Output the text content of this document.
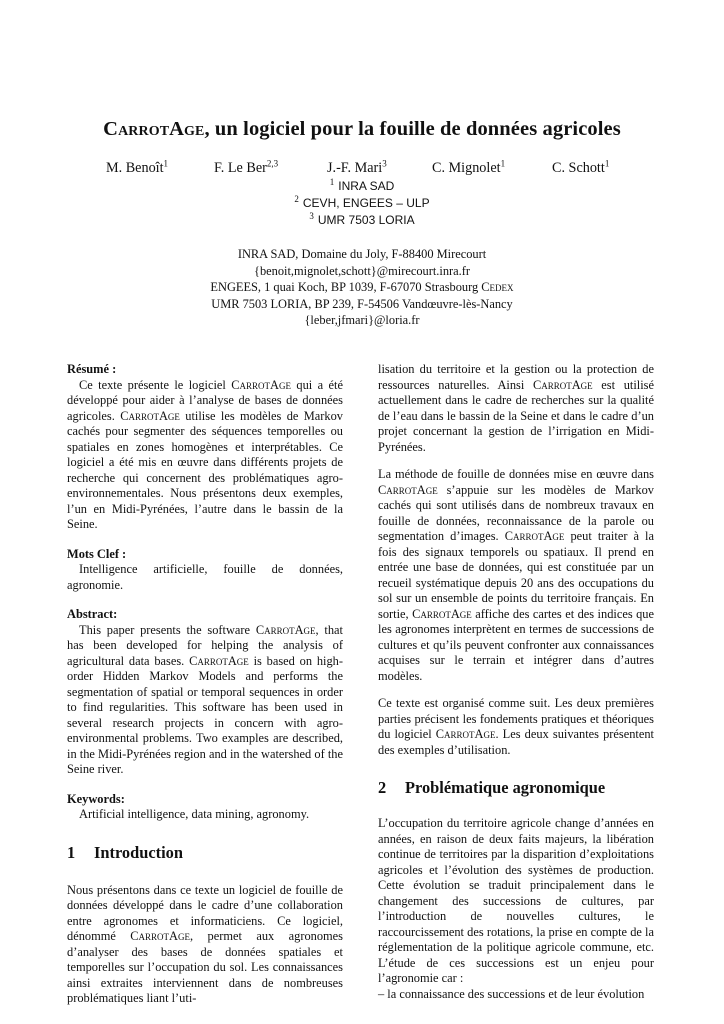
CarrotAge, un logiciel pour la fouille de données agricoles
M. Benoît$^1$	F. Le Ber$^{2,3}$	J.-F. Mari$^3$	C. Mignolet$^1$	C. Schott$^1$
$^1$ INRA SAD
$^2$ CEVH, ENGEES – ULP
$^3$ UMR 7503 LORIA
INRA SAD, Domaine du Joly, F-88400 Mirecourt
{benoit,mignolet,schott}@mirecourt.inra.fr
ENGEES, 1 quai Koch, BP 1039, F-67070 Strasbourg Cedex
UMR 7503 LORIA, BP 239, F-54506 Vandœuvre-lès-Nancy
{leber,jfmari}@loria.fr

Résumé :

Ce texte présente le logiciel CarrotAge qui a été développé pour aider à l’analyse de bases de données agricoles. CarrotAge utilise les modèles de Markov cachés pour segmenter des séquences temporelles ou spatiales en zones homogènes et interprétables. Ce logiciel a été mis en œuvre dans différents projets de recherche qui concernent des problématiques agro-environnementales. Nous présentons deux exemples, l’un en Midi-Pyrénées, l’autre dans le bassin de la Seine.

Mots Clef :

Intelligence artificielle, fouille de données, agronomie.

Abstract:

This paper presents the software CarrotAge, that has been developed for helping the analysis of agricultural data bases. CarrotAge is based on high-order Hidden Markov Models and performs the segmentation of spatial or temporal sequences in order to find regularities. This software has been used in several research projects in concern with agro-environmental problems. Two examples are described, in the Midi-Pyrénées region and in the watershed of the Seine river.

Keywords:

Artificial intelligence, data mining, agronomy.

1 Introduction

Nous présentons dans ce texte un logiciel de fouille de données développé dans le cadre d’une collaboration entre agronomes et informaticiens. Ce logiciel, dénommé CarrotAge, permet aux agronomes d’analyser des bases de données spatiales et temporelles sur l’occupation du sol. Les connaissances ainsi extraites interviennent dans de nombreuses problématiques liant l’uti-

lisation du territoire et la gestion ou la protection de ressources naturelles. Ainsi CarrotAge est utilisé actuellement dans le cadre de recherches sur la qualité de l’eau dans le bassin de la Seine et dans le cadre d’un projet concernant la gestion de l’irrigation en Midi-Pyrénées.

La méthode de fouille de données mise en œuvre dans CarrotAge s’appuie sur les modèles de Markov cachés qui sont utilisés dans de nombreux travaux en fouille de données, reconnaissance de la parole ou segmentation d’images. CarrotAge peut traiter à la fois des signaux temporels ou spatiaux. Il prend en entrée une base de données, qui est constituée par un recueil systématique depuis 20 ans des occupations du sol sur un ensemble de points du territoire français. En sortie, CarrotAge affiche des cartes et des indices que les agronomes interprètent en termes de successions de cultures et qu’ils peuvent confronter aux connaissances acquises sur le terrain et intégrer dans d’autres modèles.

Ce texte est organisé comme suit. Les deux premières parties précisent les fondements pratiques et théoriques du logiciel CarrotAge. Les deux suivantes présentent des exemples d’utilisation.

2 Problématique agronomique

L’occupation du territoire agricole change d’années en années, en raison de deux faits majeurs, la libération continue de territoires par la disparition d’exploitations agricoles et l’évolution des systèmes de production. Cette évolution se traduit principalement dans le changement des successions de cultures, par l’introduction de nouvelles cultures, le raccourcissement des rotations, la prise en compte de la réglementation de la politique agricole commune, etc. L’étude de ces successions est un enjeu pour l’agronomie car :

– la connaissance des successions et de leur évolution
